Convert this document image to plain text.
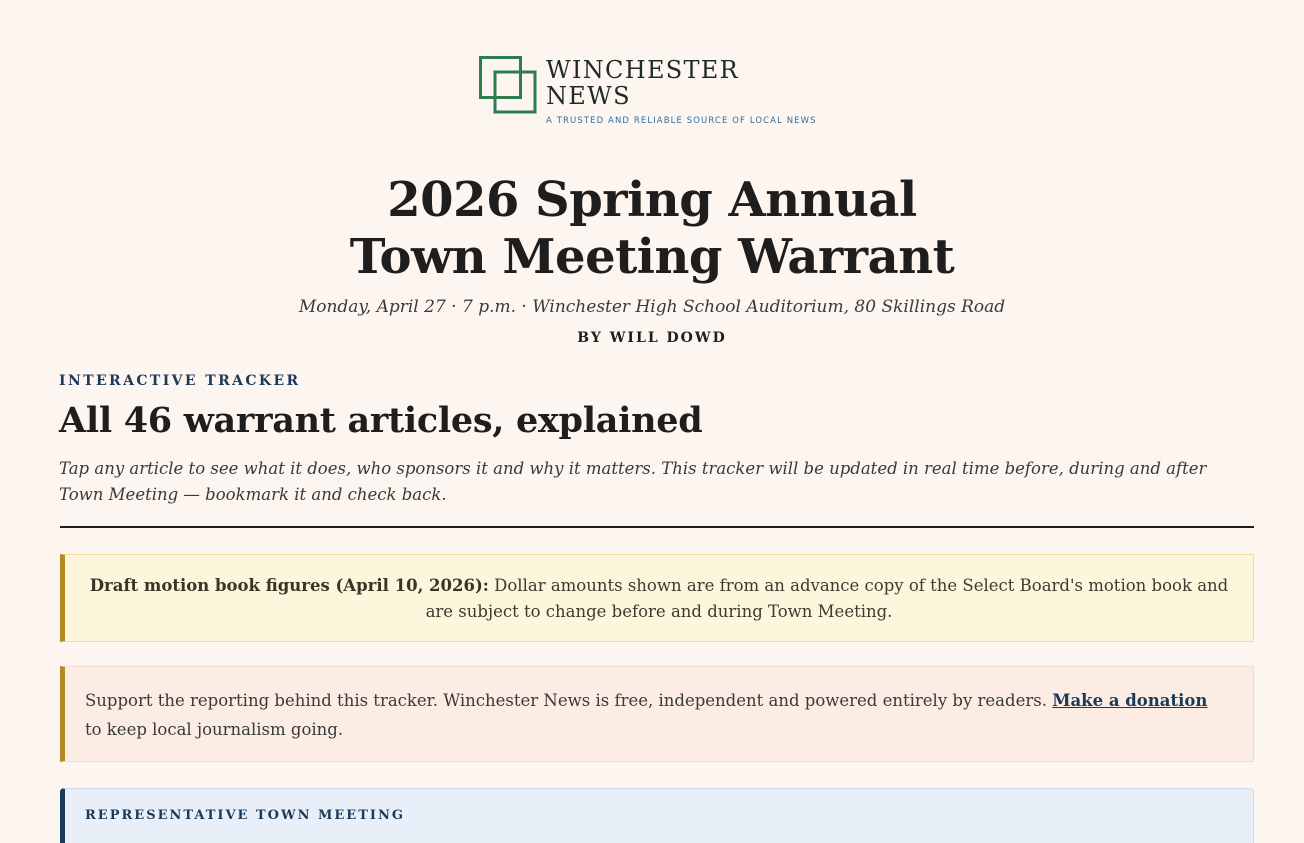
WINCHESTER NEWS
A TRUSTED AND RELIABLE SOURCE OF LOCAL NEWS
2026 Spring Annual
Town Meeting Warrant
Monday, April 27 · 7 p.m. · Winchester High School Auditorium, 80 Skillings Road
BY WILL DOWD
INTERACTIVE TRACKER
All 46 warrant articles, explained

Tap any article to see what it does, who sponsors it and why it matters. This tracker will be updated in real time before, during and after Town Meeting — bookmark it and check back.

Draft motion book figures (April 10, 2026): Dollar amounts shown are from an advance copy of the Select Board's motion book and are subject to change before and during Town Meeting.
Support the reporting behind this tracker. Winchester News is free, independent and powered entirely by readers. Make a donation to keep local journalism going.
REPRESENTATIVE TOWN MEETING
